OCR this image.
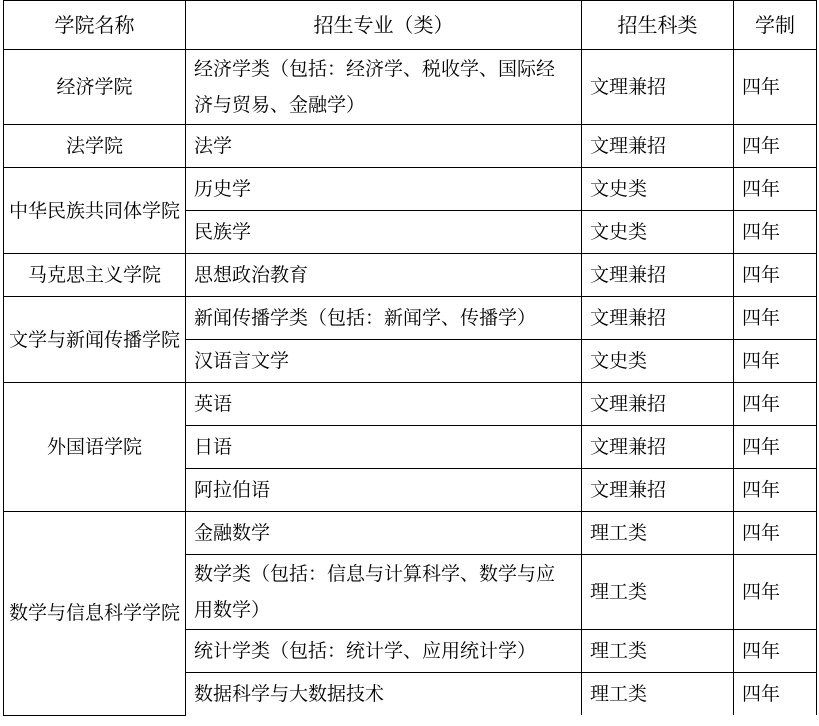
学院名称	招生专业（类）	招生科类	学制
经济学院	经济学类（包括：经济学、税收学、国际经济与贸易、金融学）	文理兼招	四年
法学院	法学	文理兼招	四年
中华民族共同体学院	历史学	文史类	四年
	民族学	文史类	四年
马克思主义学院	思想政治教育	文理兼招	四年
文学与新闻传播学院	新闻传播学类（包括：新闻学、传播学）	文理兼招	四年
	汉语言文学	文史类	四年
外国语学院	英语	文理兼招	四年
	日语	文理兼招	四年
	阿拉伯语	文理兼招	四年
数学与信息科学学院	金融数学	理工类	四年
	数学类（包括：信息与计算科学、数学与应用数学）	理工类	四年
	统计学类（包括：统计学、应用统计学）	理工类	四年
	数据科学与大数据技术	理工类	四年
